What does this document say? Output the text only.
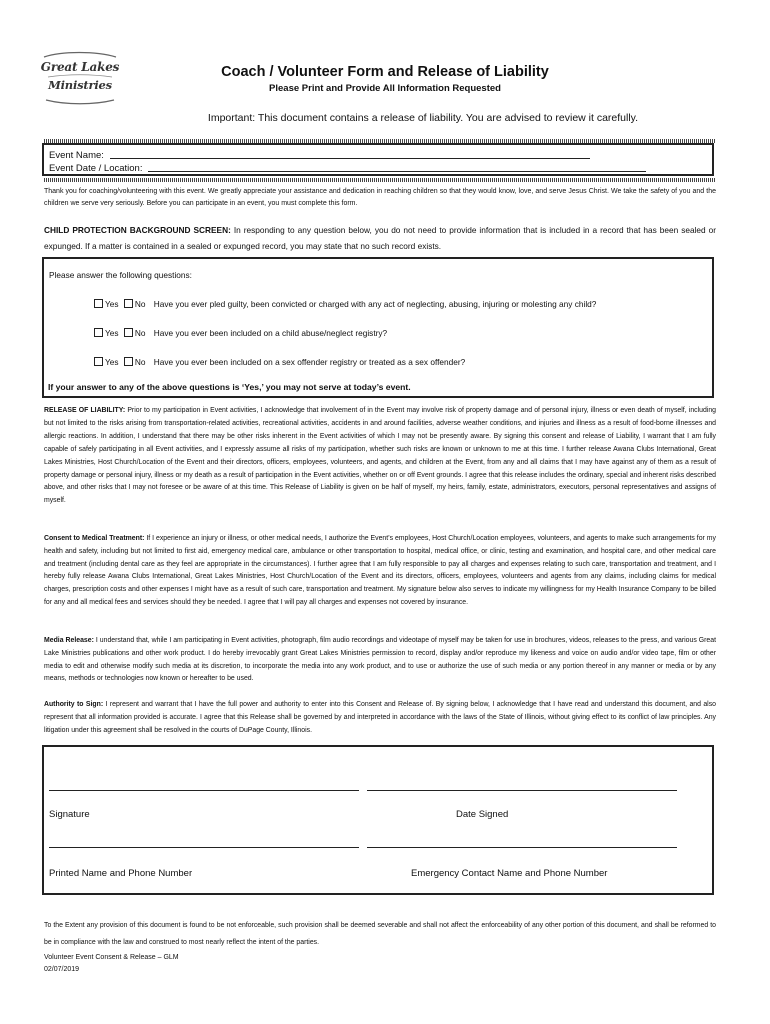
Great Lakes
Ministries
Coach / Volunteer Form and Release of Liability
Please Print and Provide All Information Requested
Important: This document contains a release of liability. You are advised to review it carefully.
Event Name:
Event Date / Location:
Thank you for coaching/volunteering with this event. We greatly appreciate your assistance and dedication in reaching children so that they would know, love, and serve Jesus Christ. We take the safety of you and the children we serve very seriously. Before you can participate in an event, you must complete this form.
CHILD PROTECTION BACKGROUND SCREEN: In responding to any question below, you do not need to provide information that is included in a record that has been sealed or expunged. If a matter is contained in a sealed or expunged record, you may state that no such record exists.
Please answer the following questions:
Yes No Have you ever pled guilty, been convicted or charged with any act of neglecting, abusing, injuring or molesting any child?
Yes No Have you ever been included on a child abuse/neglect registry?
Yes No Have you ever been included on a sex offender registry or treated as a sex offender?
If your answer to any of the above questions is ‘Yes,’ you may not serve at today’s event.
RELEASE OF LIABILITY: Prior to my participation in Event activities, I acknowledge that involvement of in the Event may involve risk of property damage and of personal injury, illness or even death of myself, including but not limited to the risks arising from transportation-related activities, recreational activities, accidents in and around facilities, adverse weather conditions, and injuries and illness as a result of food-borne illnesses and allergic reactions. In addition, I understand that there may be other risks inherent in the Event activities of which I may not be presently aware. By signing this consent and release of Liability, I warrant that I am fully capable of safely participating in all Event activities, and I expressly assume all risks of my participation, whether such risks are known or unknown to me at this time. I further release Awana Clubs International, Great Lakes Ministries, Host Church/Location of the Event and their directors, officers, employees, volunteers, and agents, and children at the Event, from any and all claims that I may have against any of them as a result of property damage or personal injury, illness or my death as a result of participation in the Event activities, whether on or off Event grounds. I agree that this release includes the ordinary, special and inherent risks described above, and other risks that I may not foresee or be aware of at this time. This Release of Liability is given on be half of myself, my heirs, family, estate, administrators, executors, personal representatives and assigns of myself.
Consent to Medical Treatment: If I experience an injury or illness, or other medical needs, I authorize the Event’s employees, Host Church/Location employees, volunteers, and agents to make such arrangements for my health and safety, including but not limited to first aid, emergency medical care, ambulance or other transportation to hospital, medical office, or clinic, testing and examination, and hospital care, and other medical care and treatment (including dental care as they feel are appropriate in the circumstances). I further agree that I am fully responsible to pay all charges and expenses relating to such care, transportation and treatment, and I hereby fully release Awana Clubs International, Great Lakes Ministries, Host Church/Location of the Event and its directors, officers, employees, volunteers and agents from any claims, including claims for medical charges, prescription costs and other expenses I might have as a result of such care, transportation and treatment. My signature below also serves to indicate my willingness for my Health Insurance Company to be billed for any and all medical fees and services should they be needed. I agree that I will pay all charges and expenses not covered by insurance.
Media Release: I understand that, while I am participating in Event activities, photograph, film audio recordings and videotape of myself may be taken for use in brochures, videos, releases to the press, and various Great Lake Ministries publications and other work product. I do hereby irrevocably grant Great Lakes Ministries permission to record, display and/or reproduce my likeness and voice on audio and/or video tape, film or other media to edit and otherwise modify such media at its discretion, to incorporate the media into any work product, and to use or authorize the use of such media or any portion thereof in any manner or media or by any means, methods or technologies now known or hereafter to be used.
Authority to Sign: I represent and warrant that I have the full power and authority to enter into this Consent and Release of. By signing below, I acknowledge that I have read and understand this document, and also represent that all information provided is accurate. I agree that this Release shall be governed by and interpreted in accordance with the laws of the State of Illinois, without giving effect to its conflict of law principles. Any litigation under this agreement shall be resolved in the courts of DuPage County, Illinois.
Signature	Date Signed
Printed Name and Phone Number	Emergency Contact Name and Phone Number
To the Extent any provision of this document is found to be not enforceable, such provision shall be deemed severable and shall not affect the enforceability of any other portion of this document, and shall be reformed to be in compliance with the law and construed to most nearly reflect the intent of the parties.
Volunteer Event Consent & Release – GLM
02/07/2019
